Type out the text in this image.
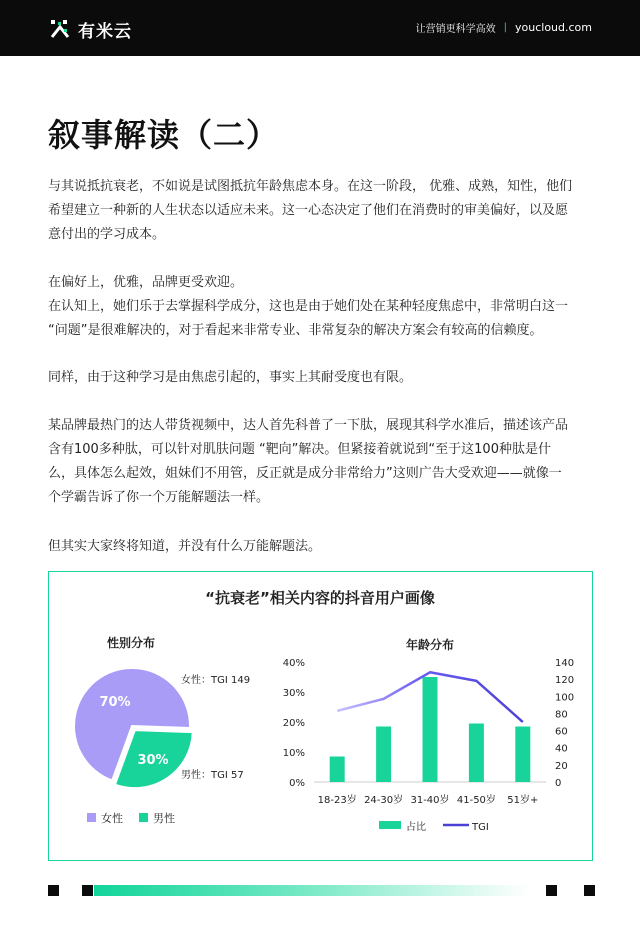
有米云	让营销更科学高效 | youcloud.com
叙事解读（二）
与其说抵抗衰老，不如说是试图抵抗年龄焦虑本身。在这一阶段， 优雅、成熟，知性，他们
希望建立一种新的人生状态以适应未来。这一心态决定了他们在消费时的审美偏好，以及愿
意付出的学习成本。
在偏好上，优雅，品牌更受欢迎。
在认知上，她们乐于去掌握科学成分，这也是由于她们处在某种轻度焦虑中，非常明白这一
“问题”是很难解决的，对于看起来非常专业、非常复杂的解决方案会有较高的信赖度。
同样，由于这种学习是由焦虑引起的，事实上其耐受度也有限。
某品牌最热门的达人带货视频中，达人首先科普了一下肽，展现其科学水准后，描述该产品
含有100多种肽，可以针对肌肤问题 “靶向”解决。但紧接着就说到“至于这100种肽是什
么，具体怎么起效，姐妹们不用管，反正就是成分非常给力”这则广告大受欢迎——就像一
个学霸告诉了你一个万能解题法一样。
但其实大家终将知道，并没有什么万能解题法。
“抗衰老”相关内容的抖音用户画像
性别分布	年龄分布
70%
30%
女性：TGI 149
男性：TGI 57
女性	男性
40%
30%
20%
10%
0%
140
120
100
80
60
40
20
0
18-23岁 24-30岁 31-40岁 41-50岁 51岁+
占比	TGI
